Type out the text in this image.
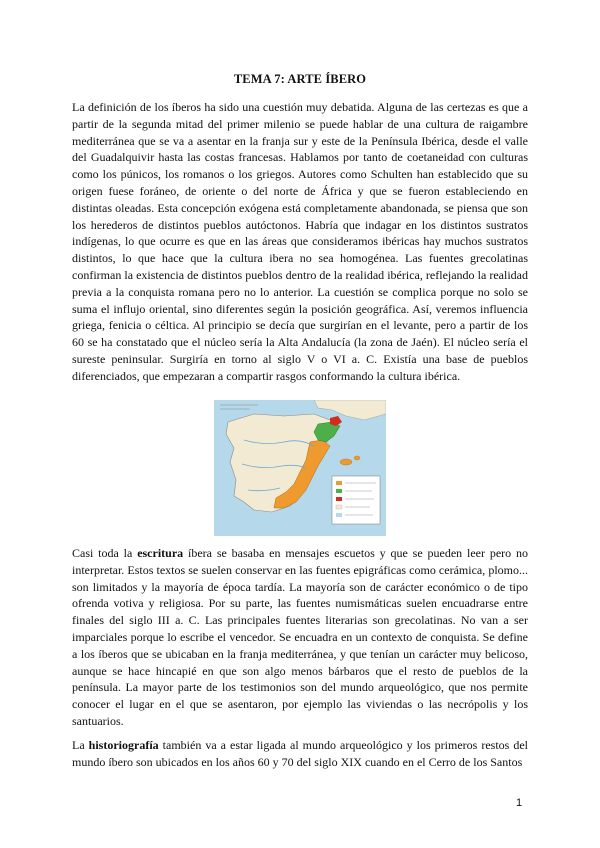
TEMA 7: ARTE ÍBERO

La definición de los íberos ha sido una cuestión muy debatida. Alguna de las certezas es que a partir de la segunda mitad del primer milenio se puede hablar de una cultura de raigambre mediterránea que se va a asentar en la franja sur y este de la Península Ibérica, desde el valle del Guadalquivir hasta las costas francesas. Hablamos por tanto de coetaneidad con culturas como los púnicos, los romanos o los griegos. Autores como Schulten han establecido que su origen fuese foráneo, de oriente o del norte de África y que se fueron estableciendo en distintas oleadas. Esta concepción exógena está completamente abandonada, se piensa que son los herederos de distintos pueblos autóctonos. Habría que indagar en los distintos sustratos indígenas, lo que ocurre es que en las áreas que consideramos ibéricas hay muchos sustratos distintos, lo que hace que la cultura ibera no sea homogénea. Las fuentes grecolatinas confirman la existencia de distintos pueblos dentro de la realidad ibérica, reflejando la realidad previa a la conquista romana pero no lo anterior. La cuestión se complica porque no solo se suma el influjo oriental, sino diferentes según la posición geográfica. Así, veremos influencia griega, fenicia o céltica. Al principio se decía que surgirían en el levante, pero a partir de los 60 se ha constatado que el núcleo sería la Alta Andalucía (la zona de Jaén). El núcleo sería el sureste peninsular. Surgiría en torno al siglo V o VI a. C. Existía una base de pueblos diferenciados, que empezaran a compartir rasgos conformando la cultura ibérica.

Casi toda la escritura íbera se basaba en mensajes escuetos y que se pueden leer pero no interpretar. Estos textos se suelen conservar en las fuentes epigráficas como cerámica, plomo... son limitados y la mayoría de época tardía. La mayoría son de carácter económico o de tipo ofrenda votiva y religiosa. Por su parte, las fuentes numismáticas suelen encuadrarse entre finales del siglo III a. C. Las principales fuentes literarias son grecolatinas. No van a ser imparciales porque lo escribe el vencedor. Se encuadra en un contexto de conquista. Se define a los íberos que se ubicaban en la franja mediterránea, y que tenían un carácter muy belicoso, aunque se hace hincapié en que son algo menos bárbaros que el resto de pueblos de la península. La mayor parte de los testimonios son del mundo arqueológico, que nos permite conocer el lugar en el que se asentaron, por ejemplo las viviendas o las necrópolis y los santuarios.

La historiografía también va a estar ligada al mundo arqueológico y los primeros restos del mundo íbero son ubicados en los años 60 y 70 del siglo XIX cuando en el Cerro de los Santos

1
